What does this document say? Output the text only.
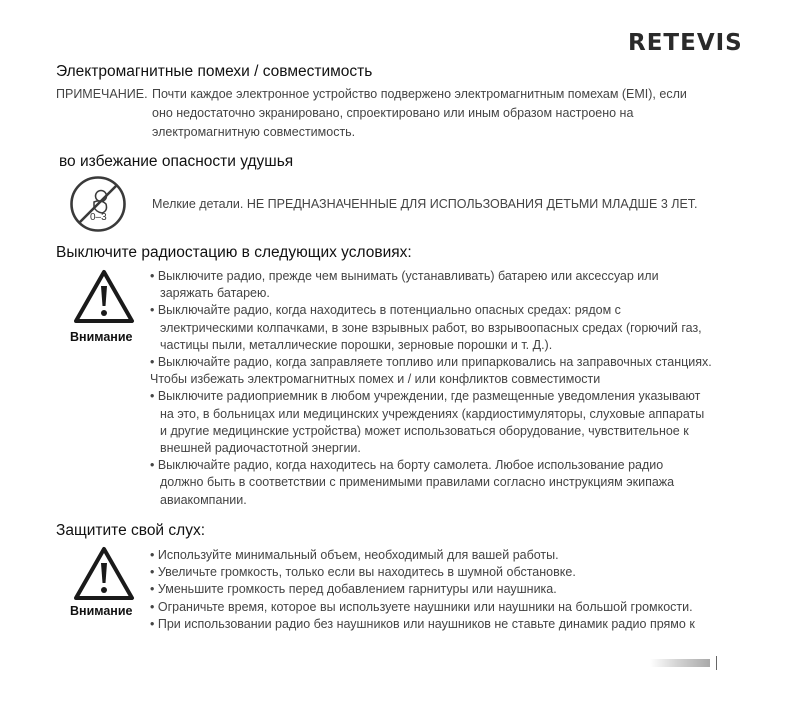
RETEVIS
Электромагнитные помехи / совместимость
ПРИМЕЧАНИЕ. Почти каждое электронное устройство подвержено электромагнитным помехам (EMI), если
оно недостаточно экранировано, спроектировано или иным образом настроено на
электромагнитную совместимость.
во избежание опасности удушья
0–3
Мелкие детали. НЕ ПРЕДНАЗНАЧЕННЫЕ ДЛЯ ИСПОЛЬЗОВАНИЯ ДЕТЬМИ МЛАДШЕ 3 ЛЕТ.
Выключите радиостацию в следующих условиях:
Внимание
• Выключите радио, прежде чем вынимать (устанавливать) батарею или аксессуар или
заряжать батарею.
• Выключайте радио, когда находитесь в потенциально опасных средах: рядом с
электрическими колпачками, в зоне взрывных работ, во взрывоопасных средах (горючий газ,
частицы пыли, металлические порошки, зерновые порошки и т. Д.).
• Выключайте радио, когда заправляете топливо или припарковались на заправочных станциях.
Чтобы избежать электромагнитных помех и / или конфликтов совместимости
• Выключите радиоприемник в любом учреждении, где размещенные уведомления указывают
на это, в больницах или медицинских учреждениях (кардиостимуляторы, слуховые аппараты
и другие медицинские устройства) может использоваться оборудование, чувствительное к
внешней радиочастотной энергии.
• Выключайте радио, когда находитесь на борту самолета. Любое использование радио
должно быть в соответствии с применимыми правилами согласно инструкциям экипажа
авиакомпании.
Защитите свой слух:
Внимание
• Используйте минимальный объем, необходимый для вашей работы.
• Увеличьте громкость, только если вы находитесь в шумной обстановке.
• Уменьшите громкость перед добавлением гарнитуры или наушника.
• Ограничьте время, которое вы используете наушники или наушники на большой громкости.
• При использовании радио без наушников или наушников не ставьте динамик радио прямо к
